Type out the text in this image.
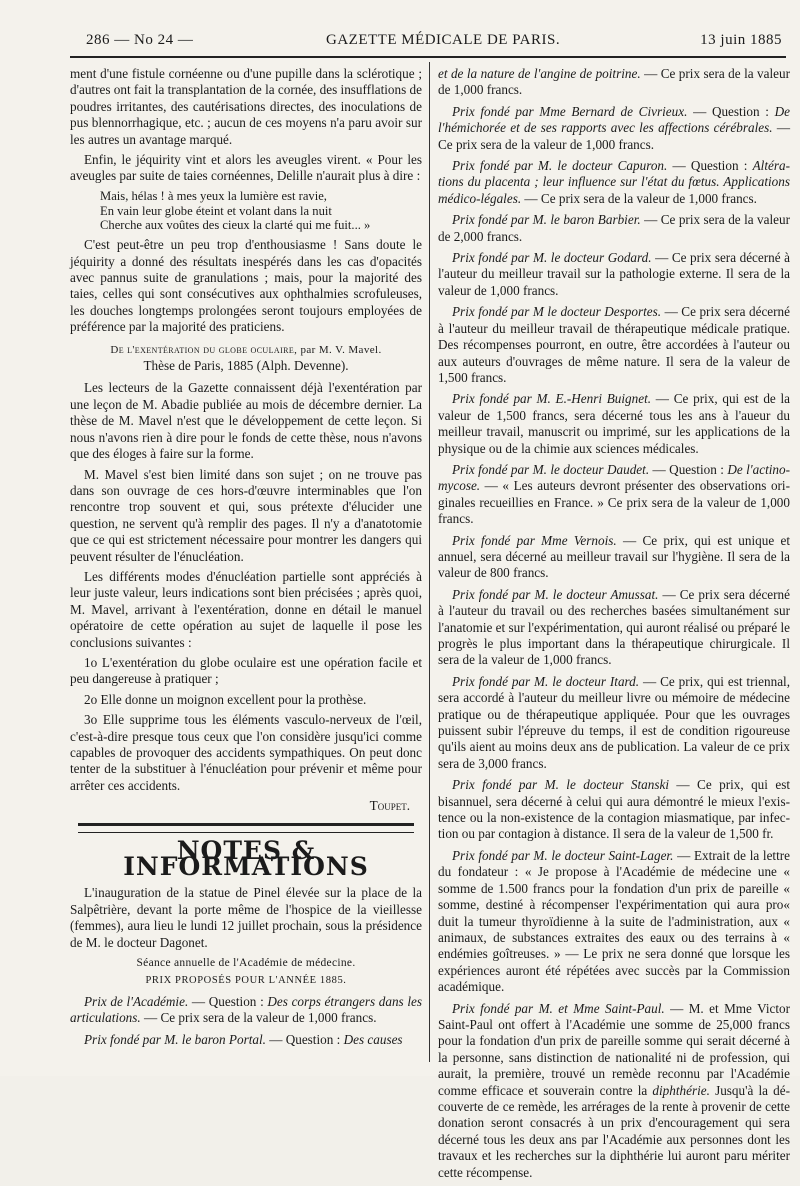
286 — No 24 —	GAZETTE MÉDICALE DE PARIS.	13 juin 1885

ment d'une fistule cornéenne ou d'une pupille dans la sclérotique ; d'autres ont fait la transplantation de la cornée, des insufflations de poudres irritantes, des cautérisations directes, des inoculations de pus blennorrhagique, etc. ; aucun de ces moyens n'a paru avoir sur les autres un avantage marqué.

Enfin, le jéquirity vint et alors les aveugles virent. « Pour les aveugles par suite de taies cornéennes, Delille n'aurait plus à dire :

Mais, hélas ! à mes yeux la lumière est ravie,
En vain leur globe éteint et volant dans la nuit
Cherche aux voûtes des cieux la clarté qui me fuit... »

C'est peut-être un peu trop d'enthousiasme ! Sans doute le jéquirity a donné des résultats inespérés dans les cas d'opacités avec pannus suite de granulations ; mais, pour la majorité des taies, celles qui sont consécutives aux ophthalmies scrofuleuses, les douches longtemps prolongées seront toujours employées de préférence par la majorité des praticiens.

De l'exentération du globe oculaire, par M. V. Mavel.

Thèse de Paris, 1885 (Alph. Devenne).

Les lecteurs de la Gazette connaissent déjà l'exentération par une leçon de M. Abadie publiée au mois de décembre dernier. La thèse de M. Mavel n'est que le développement de cette leçon. Si nous n'avons rien à dire pour le fonds de cette thèse, nous n'avons que des éloges à faire sur la forme.

M. Mavel s'est bien limité dans son sujet ; on ne trouve pas dans son ouvrage de ces hors-d'œuvre interminables que l'on rencontre trop souvent et qui, sous prétexte d'élucider une question, ne servent qu'à remplir des pages. Il n'y a d'anatotomie que ce qui est strictement nécessaire pour montrer les dangers qui peuvent résulter de l'énucléation.

Les différents modes d'énucléation partielle sont appréciés à leur juste valeur, leurs indications sont bien précisées ; après quoi, M. Mavel, arrivant à l'exentération, donne en détail le manuel opératoire de cette opération au sujet de laquelle il pose les conclusions suivantes :

1o L'exentération du globe oculaire est une opération facile et peu dangereuse à pratiquer ;

2o Elle donne un moignon excellent pour la prothèse.

3o Elle supprime tous les éléments vasculo-nerveux de l'œil, c'est-à-dire presque tous ceux que l'on considère jusqu'ici comme capables de provoquer des accidents sympathiques. On peut donc tenter de la substituer à l'énucléation pour prévenir et même pour arrêter ces accidents.

Toupet.

NOTES & INFORMATIONS

L'inauguration de la statue de Pinel élevée sur la place de la Salpêtrière, devant la porte même de l'hospice de la vieillesse (femmes), aura lieu le lundi 12 juillet prochain, sous la présidence de M. le docteur Dagonet.

Séance annuelle de l'Académie de médecine.

PRIX PROPOSÉS POUR L'ANNÉE 1885.

Prix de l'Académie. — Question : Des corps étrangers dans les articulations. — Ce prix sera de la valeur de 1,000 francs.

Prix fondé par M. le baron Portal. — Question : Des causes

et de la nature de l'angine de poitrine. — Ce prix sera de la valeur de 1,000 francs.

Prix fondé par Mme Bernard de Civrieux. — Question : De l'hémichorée et de ses rapports avec les affections cérébrales. — Ce prix sera de la valeur de 1,000 francs.

Prix fondé par M. le docteur Capuron. — Question : Altérations du placenta ; leur influence sur l'état du fœtus. Applications médico-légales. — Ce prix sera de la valeur de 1,000 francs.

Prix fondé par M. le baron Barbier. — Ce prix sera de la valeur de 2,000 francs.

Prix fondé par M. le docteur Godard. — Ce prix sera décerné à l'auteur du meilleur travail sur la pathologie externe. Il sera de la valeur de 1,000 francs.

Prix fondé par M le docteur Desportes. — Ce prix sera décerné à l'auteur du meilleur travail de thérapeutique médicale pratique. Des récompenses pourront, en outre, être accordées à l'auteur ou aux auteurs d'ouvrages de même nature. Il sera de la valeur de 1,500 francs.

Prix fondé par M. E.-Henri Buignet. — Ce prix, qui est de la valeur de 1,500 francs, sera décerné tous les ans à l'aueur du meilleur travail, manuscrit ou imprimé, sur les applications de la physique ou de la chimie aux sciences médicales.

Prix fondé par M. le docteur Daudet. — Question : De l'actinomycose. — « Les auteurs devront présenter des observations originales recueillies en France. » Ce prix sera de la valeur de 1,000 francs.

Prix fondé par Mme Vernois. — Ce prix, qui est unique et annuel, sera décerné au meilleur travail sur l'hygiène. Il sera de la valeur de 800 francs.

Prix fondé par M. le docteur Amussat. — Ce prix sera décerné à l'auteur du travail ou des recherches basées simultanément sur l'anatomie et sur l'expérimentation, qui auront réalisé ou préparé le progrès le plus important dans la thérapeutique chirurgicale. Il sera de la valeur de 1,000 francs.

Prix fondé par M. le docteur Itard. — Ce prix, qui est triennal, sera accordé à l'auteur du meilleur livre ou mémoire de médecine pratique ou de thérapeutique appliquée. Pour que les ouvrages puissent subir l'épreuve du temps, il est de condition rigoureuse qu'ils aient au moins deux ans de publication. La valeur de ce prix sera de 3,000 francs.

Prix fondé par M. le docteur Stanski — Ce prix, qui est bisannuel, sera décerné à celui qui aura démontré le mieux l'existence ou la non-existence de la contagion miasmatique, par infection ou par contagion à distance. Il sera de la valeur de 1,500 fr.

Prix fondé par M. le docteur Saint-Lager. — Extrait de la lettre du fondateur : « Je propose à l'Académie de médecine une « somme de 1.500 francs pour la fondation d'un prix de pareille « somme, destiné à récompenser l'expérimentation qui aura pro« duit la tumeur thyroïdienne à la suite de l'administration, aux « animaux, de substances extraites des eaux ou des terrains à « endémies goîtreuses. » — Le prix ne sera donné que lorsque les expériences auront été répétées avec succès par la Commission académique.

Prix fondé par M. et Mme Saint-Paul. — M. et Mme Victor Saint-Paul ont offert à l'Académie une somme de 25,000 francs pour la fondation d'un prix de pareille somme qui serait décerné à la personne, sans distinction de nationalité ni de profession, qui aurait, la première, trouvé un remède reconnu par l'Académie comme efficace et souverain contre la diphthérie. Jusqu'à la découverte de ce remède, les arrérages de la rente à provenir de cette donation seront consacrés à un prix d'encouragement qui sera décerné tous les deux ans par l'Académie aux personnes dont les travaux et les recherches sur la diphthérie lui auront paru mériter cette récompense.
